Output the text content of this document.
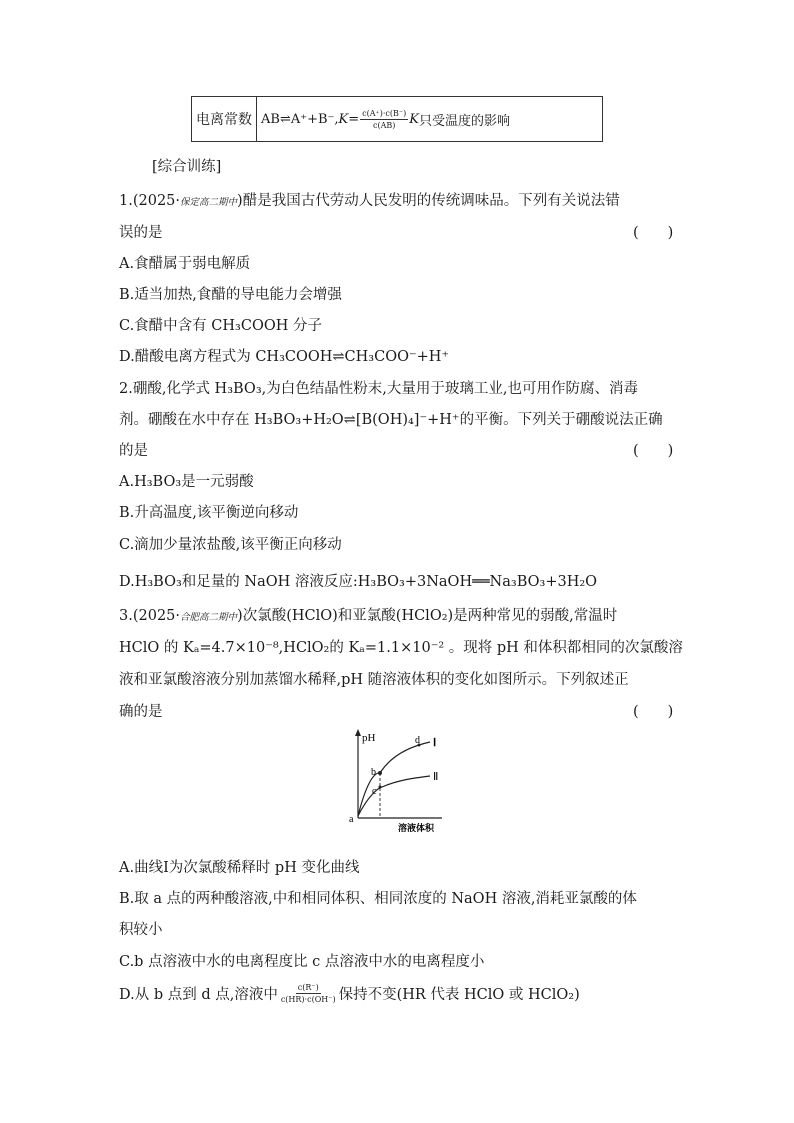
电离常数 AB⇌A⁺+B⁻, $K = \frac{c(A^+)\cdot c(B^-)}{c(AB)}$ K 只受温度的影响
[综合训练]
1.(2025·保定高二期中)醋是我国古代劳动人民发明的传统调味品。下列有关说法错
误的是	(　　)
A.食醋属于弱电解质
B.适当加热,食醋的导电能力会增强
C.食醋中含有 CH₃COOH 分子
D.醋酸电离方程式为 CH₃COOH⇌CH₃COO⁻+H⁺
2.硼酸,化学式 H₃BO₃,为白色结晶性粉末,大量用于玻璃工业,也可用作防腐、消毒
剂。硼酸在水中存在 H₃BO₃+H₂O⇌[B(OH)₄]⁻+H⁺的平衡。下列关于硼酸说法正确
的是	(　　)
A.H₃BO₃是一元弱酸
B.升高温度,该平衡逆向移动
C.滴加少量浓盐酸,该平衡正向移动
D.H₃BO₃和足量的 NaOH 溶液反应:H₃BO₃+3NaOH══Na₃BO₃+3H₂O
3.(2025·合肥高二期中)次氯酸(HClO)和亚氯酸(HClO₂)是两种常见的弱酸,常温时
HClO 的 Kₐ=4.7×10⁻⁸,HClO₂的 Kₐ=1.1×10⁻² 。现将 pH 和体积都相同的次氯酸溶
液和亚氯酸溶液分别加蒸馏水稀释,pH 随溶液体积的变化如图所示。下列叙述正
确的是	(　　)
pH
b
c
d
a
Ⅰ
Ⅱ
溶液体积
A.曲线Ⅰ为次氯酸稀释时 pH 变化曲线
B.取 a 点的两种酸溶液,中和相同体积、相同浓度的 NaOH 溶液,消耗亚氯酸的体
积较小
C.b 点溶液中水的电离程度比 c 点溶液中水的电离程度小
D.从 b 点到 d 点,溶液中 $\frac{c(R^-)}{c(HR)\cdot c(OH^-)}$ 保持不变(HR 代表 HClO 或 HClO₂)
